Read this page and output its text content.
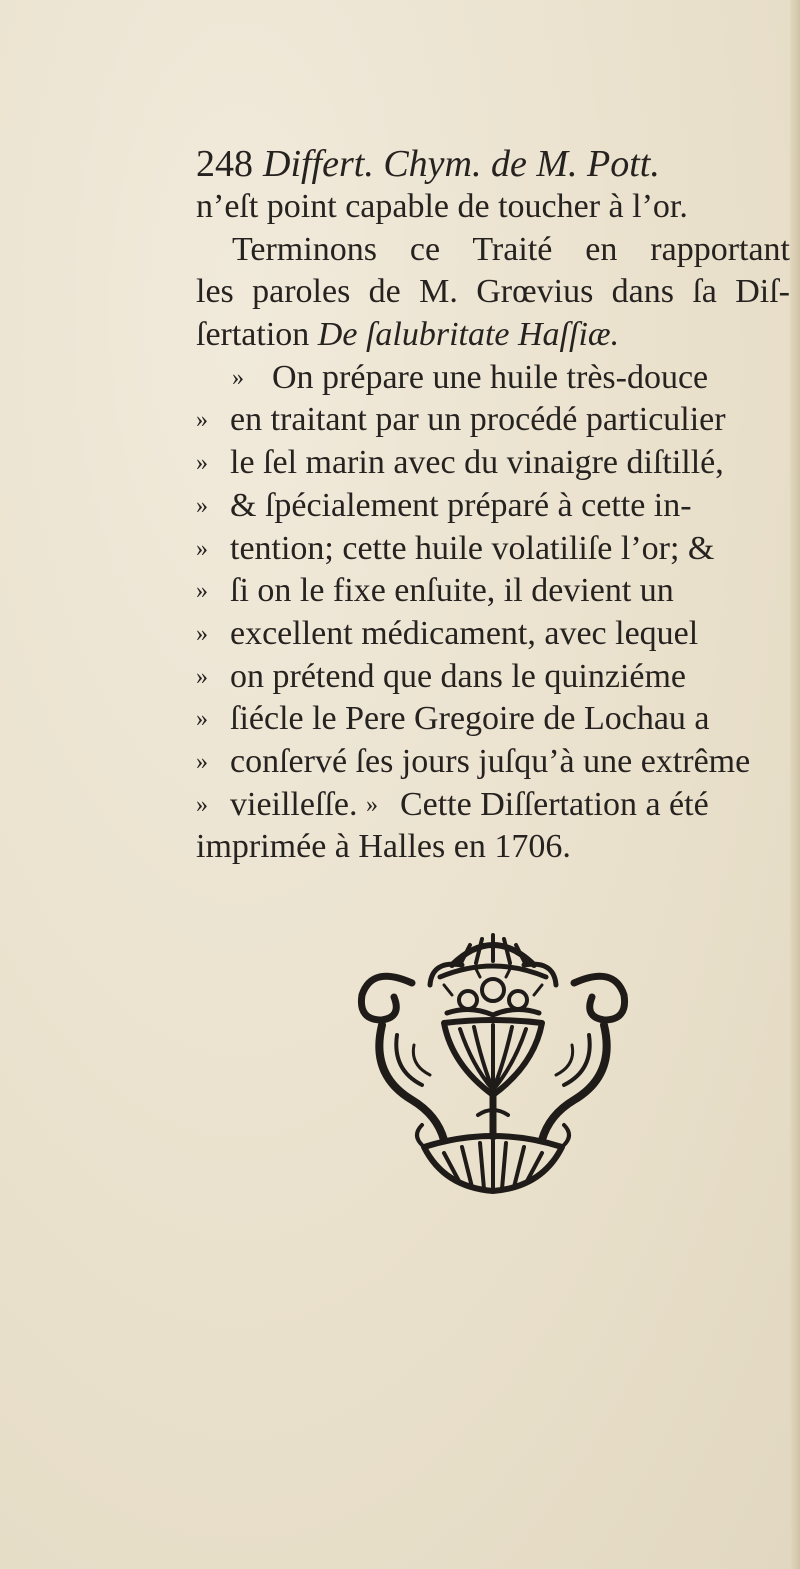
248 Differt. Chym. de M. Pott.
n’eſt point capable de toucher à l’or.
Terminons ce Traité en rapportant
les paroles de M. Grœvius dans ſa Diſ-
ſertation De ſalubritate Haſſiæ.
» On prépare une huile très-douce
» en traitant par un procédé particulier
» le ſel marin avec du vinaigre diſtillé,
» & ſpécialement préparé à cette in-
» tention; cette huile volatiliſe l’or; &
» ſi on le fixe enſuite, il devient un
» excellent médicament, avec lequel
» on prétend que dans le quinziéme
» ſiécle le Pere Gregoire de Lochau a
» conſervé ſes jours juſqu’à une extrême
» vieilleſſe. » Cette Diſſertation a été
imprimée à Halles en 1706.
